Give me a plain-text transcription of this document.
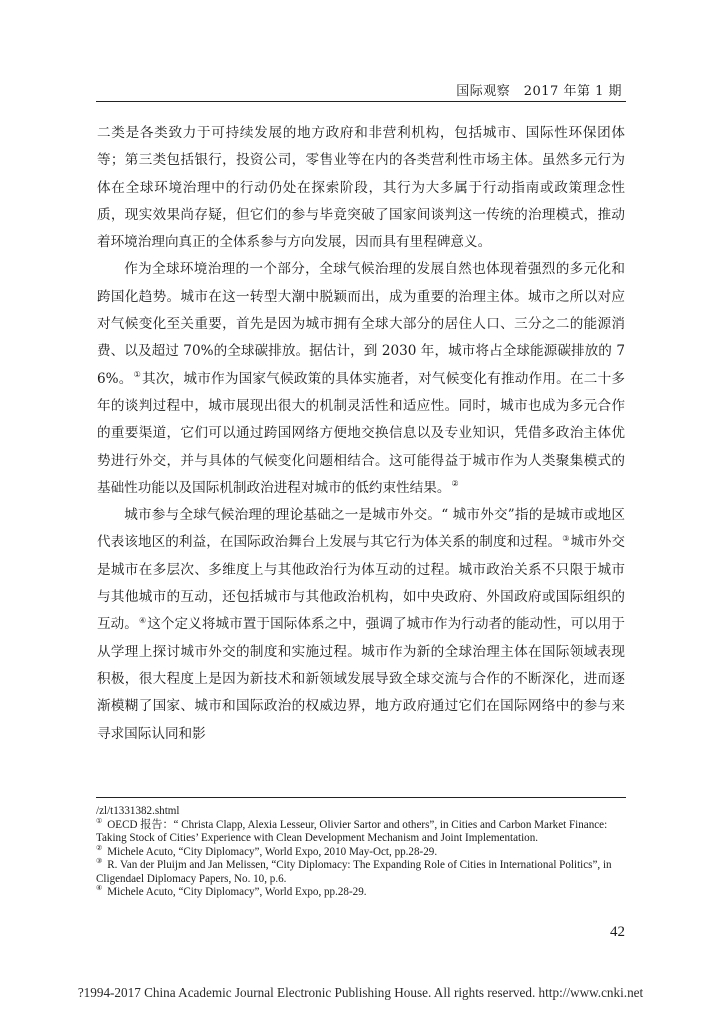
国际观察　2017 年第 1 期

二类是各类致力于可持续发展的地方政府和非营利机构，包括城市、国际性环保团体等；第三类包括银行，投资公司，零售业等在内的各类营利性市场主体。虽然多元行为体在全球环境治理中的行动仍处在探索阶段，其行为大多属于行动指南或政策理念性质，现实效果尚存疑，但它们的参与毕竟突破了国家间谈判这一传统的治理模式，推动着环境治理向真正的全体系参与方向发展，因而具有里程碑意义。

作为全球环境治理的一个部分，全球气候治理的发展自然也体现着强烈的多元化和跨国化趋势。城市在这一转型大潮中脱颖而出，成为重要的治理主体。城市之所以对应对气候变化至关重要，首先是因为城市拥有全球大部分的居住人口、三分之二的能源消费、以及超过 70%的全球碳排放。据估计，到 2030 年，城市将占全球能源碳排放的 76%。①其次，城市作为国家气候政策的具体实施者，对气候变化有推动作用。在二十多年的谈判过程中，城市展现出很大的机制灵活性和适应性。同时，城市也成为多元合作的重要渠道，它们可以通过跨国网络方便地交换信息以及专业知识，凭借多政治主体优势进行外交，并与具体的气候变化问题相结合。这可能得益于城市作为人类聚集模式的基础性功能以及国际机制政治进程对城市的低约束性结果。②

城市参与全球气候治理的理论基础之一是城市外交。“ 城市外交”指的是城市或地区代表该地区的利益，在国际政治舞台上发展与其它行为体关系的制度和过程。③城市外交是城市在多层次、多维度上与其他政治行为体互动的过程。城市政治关系不只限于城市与其他城市的互动，还包括城市与其他政治机构，如中央政府、外国政府或国际组织的互动。④这个定义将城市置于国际体系之中，强调了城市作为行动者的能动性，可以用于从学理上探讨城市外交的制度和实施过程。城市作为新的全球治理主体在国际领域表现积极，很大程度上是因为新技术和新领域发展导致全球交流与合作的不断深化，进而逐渐模糊了国家、城市和国际政治的权威边界，地方政府通过它们在国际网络中的参与来寻求国际认同和影

/zl/t1331382.shtml

① OECD 报告：“ Christa Clapp, Alexia Lesseur, Olivier Sartor and others”, in Cities and Carbon Market Finance: Taking Stock of Cities’ Experience with Clean Development Mechanism and Joint Implementation.

② Michele Acuto, “City Diplomacy”, World Expo, 2010 May-Oct, pp.28-29.

③ R. Van der Pluijm and Jan Melissen, “City Diplomacy: The Expanding Role of Cities in International Politics”, in Cligendael Diplomacy Papers, No. 10, p.6.

④ Michele Acuto, “City Diplomacy”, World Expo, pp.28-29.

42
?1994-2017 China Academic Journal Electronic Publishing House. All rights reserved. http://www.cnki.net
